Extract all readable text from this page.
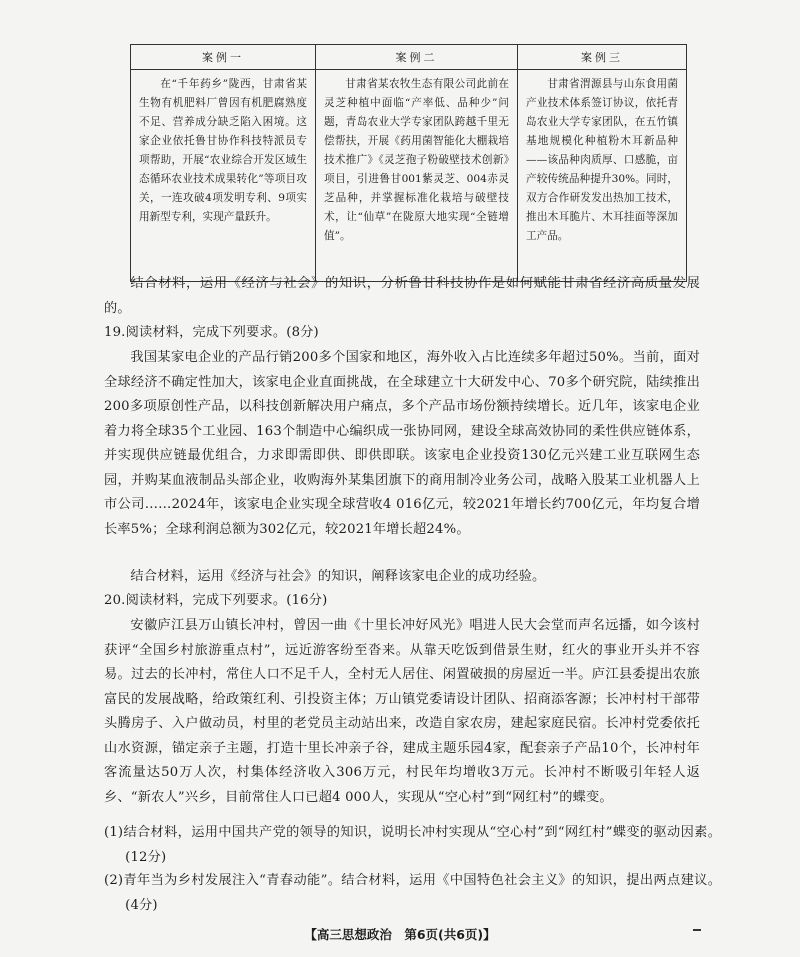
案例一	案例二	案例三
在“千年药乡”陇西，甘肃省某生物有机肥料厂曾因有机肥腐熟度不足、营养成分缺乏陷入困境。这家企业依托鲁甘协作科技特派员专项帮助，开展“农业综合开发区域生态循环农业技术成果转化”等项目攻关，一连攻破4项发明专利、9项实用新型专利，实现产量跃升。	甘肃省某农牧生态有限公司此前在灵芝种植中面临“产率低、品种少”问题，青岛农业大学专家团队跨越千里无偿帮扶，开展《药用菌智能化大棚栽培技术推广》《灵芝孢子粉破壁技术创新》项目，引进鲁甘001紫灵芝、004赤灵芝品种，并掌握标准化栽培与破壁技术，让“仙草”在陇原大地实现“全链增值”。	甘肃省渭源县与山东食用菌产业技术体系签订协议，依托青岛农业大学专家团队，在五竹镇基地规模化种植粉木耳新品种——该品种肉质厚、口感脆，亩产较传统品种提升30%。同时，双方合作研发发出热加工技术，推出木耳脆片、木耳挂面等深加工产品。
结合材料，运用《经济与社会》的知识，分析鲁甘科技协作是如何赋能甘肃省经济高质量发展的。
19.阅读材料，完成下列要求。(8分)
我国某家电企业的产品行销200多个国家和地区，海外收入占比连续多年超过50%。当前，面对全球经济不确定性加大，该家电企业直面挑战，在全球建立十大研发中心、70多个研究院，陆续推出200多项原创性产品，以科技创新解决用户痛点，多个产品市场份额持续增长。近几年，该家电企业着力将全球35个工业园、163个制造中心编织成一张协同网，建设全球高效协同的柔性供应链体系，并实现供应链最优组合，力求即需即供、即供即联。该家电企业投资130亿元兴建工业互联网生态园，并购某血液制品头部企业，收购海外某集团旗下的商用制冷业务公司，战略入股某工业机器人上市公司……2024年，该家电企业实现全球营收4 016亿元，较2021年增长约700亿元，年均复合增长率5%；全球利润总额为302亿元，较2021年增长超24%。
结合材料，运用《经济与社会》的知识，阐释该家电企业的成功经验。
20.阅读材料，完成下列要求。(16分)
安徽庐江县万山镇长冲村，曾因一曲《十里长冲好风光》唱进人民大会堂而声名远播，如今该村获评“全国乡村旅游重点村”，远近游客纷至沓来。从靠天吃饭到借景生财，红火的事业开头并不容易。过去的长冲村，常住人口不足千人，全村无人居住、闲置破损的房屋近一半。庐江县委提出农旅富民的发展战略，给政策红利、引投资主体；万山镇党委请设计团队、招商添客源；长冲村村干部带头腾房子、入户做动员，村里的老党员主动站出来，改造自家农房，建起家庭民宿。长冲村党委依托山水资源，锚定亲子主题，打造十里长冲亲子谷，建成主题乐园4家，配套亲子产品10个，长冲村年客流量达50万人次，村集体经济收入306万元，村民年均增收3万元。长冲村不断吸引年轻人返乡、“新农人”兴乡，目前常住人口已超4 000人，实现从“空心村”到“网红村”的蝶变。
(1)结合材料，运用中国共产党的领导的知识，说明长冲村实现从“空心村”到“网红村”蝶变的驱动因素。(12分)
(2)青年当为乡村发展注入“青春动能”。结合材料，运用《中国特色社会主义》的知识，提出两点建议。(4分)
【高三思想政治　第6页(共6页)】
